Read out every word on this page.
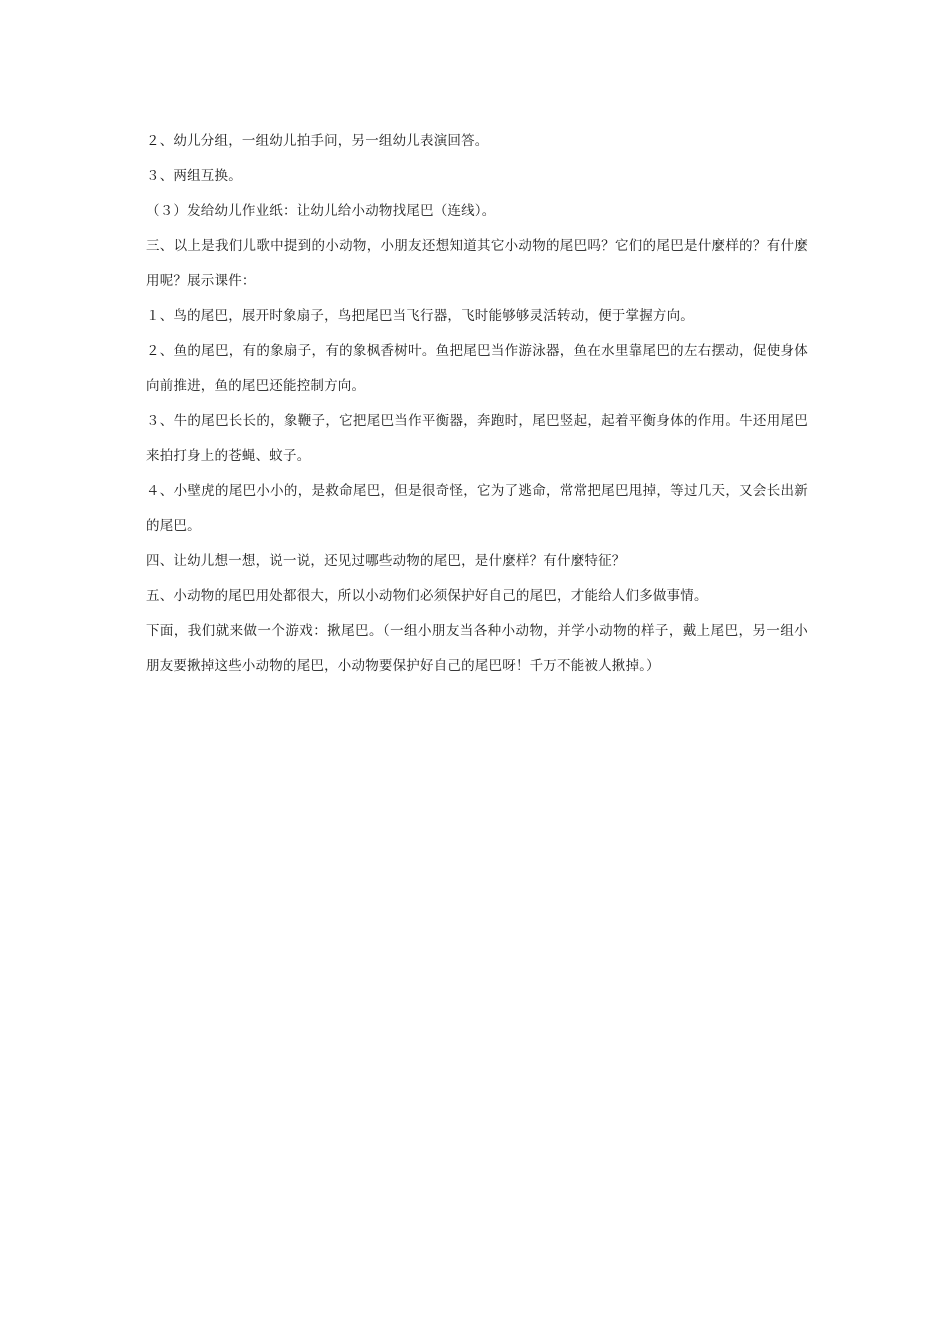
２、幼儿分组，一组幼儿拍手问，另一组幼儿表演回答。

３、两组互换。

（３）发给幼儿作业纸：让幼儿给小动物找尾巴（连线）。

三、以上是我们儿歌中提到的小动物，小朋友还想知道其它小动物的尾巴吗？它们的尾巴是什麼样的？有什麼用呢？展示课件：

１、鸟的尾巴，展开时象扇子，鸟把尾巴当飞行器，飞时能够够灵活转动，便于掌握方向。

２、鱼的尾巴，有的象扇子，有的象枫香树叶。鱼把尾巴当作游泳器，鱼在水里靠尾巴的左右摆动，促使身体向前推进，鱼的尾巴还能控制方向。

３、牛的尾巴长长的，象鞭子，它把尾巴当作平衡器，奔跑时，尾巴竖起，起着平衡身体的作用。牛还用尾巴来拍打身上的苍蝇、蚊子。

４、小壁虎的尾巴小小的，是救命尾巴，但是很奇怪，它为了逃命，常常把尾巴甩掉，等过几天，又会长出新的尾巴。

四、让幼儿想一想，说一说，还见过哪些动物的尾巴，是什麼样？有什麼特征？

五、小动物的尾巴用处都很大，所以小动物们必须保护好自己的尾巴，才能给人们多做事情。

下面，我们就来做一个游戏：揪尾巴。（一组小朋友当各种小动物，并学小动物的样子，戴上尾巴，另一组小朋友要揪掉这些小动物的尾巴，小动物要保护好自己的尾巴呀！千万不能被人揪掉。）
